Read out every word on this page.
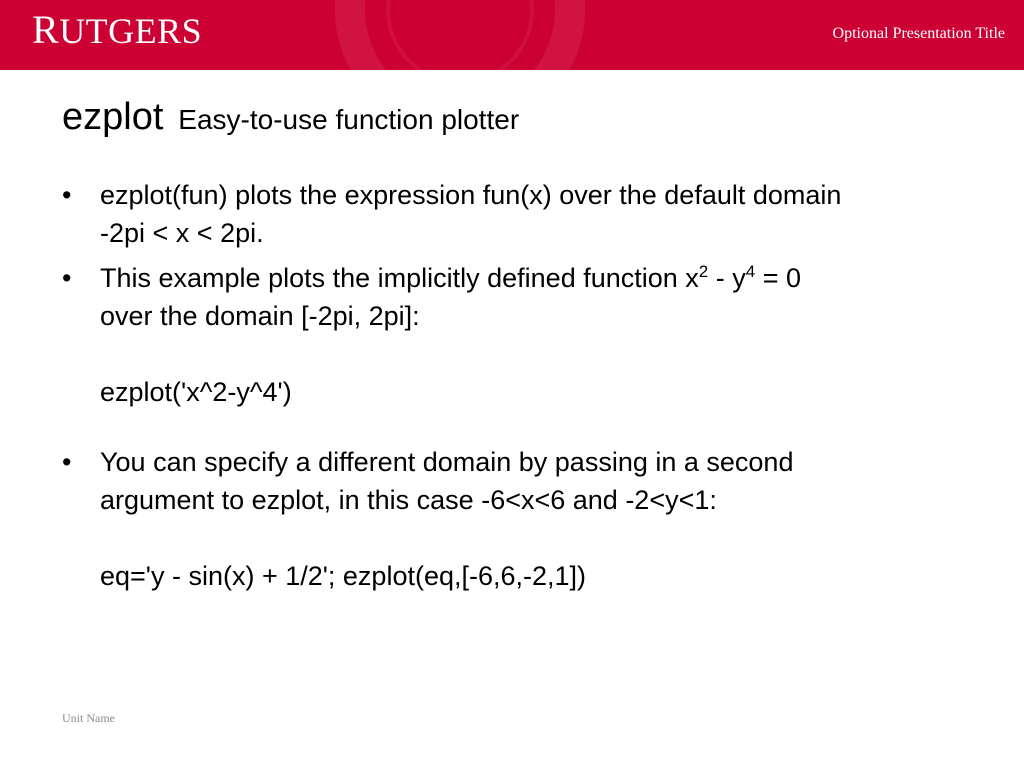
RUTGERS	Optional Presentation Title
ezplot Easy-to-use function plotter
• ezplot(fun) plots the expression fun(x) over the default domain
-2pi < x < 2pi.
• This example plots the implicitly defined function $x^2 - y^4 = 0$
over the domain [-2pi, 2pi]:
ezplot('x^2-y^4')
• You can specify a different domain by passing in a second
argument to ezplot, in this case -6<x<6 and -2<y<1:
eq='y - sin(x) + 1/2'; ezplot(eq,[-6,6,-2,1])
Unit Name
